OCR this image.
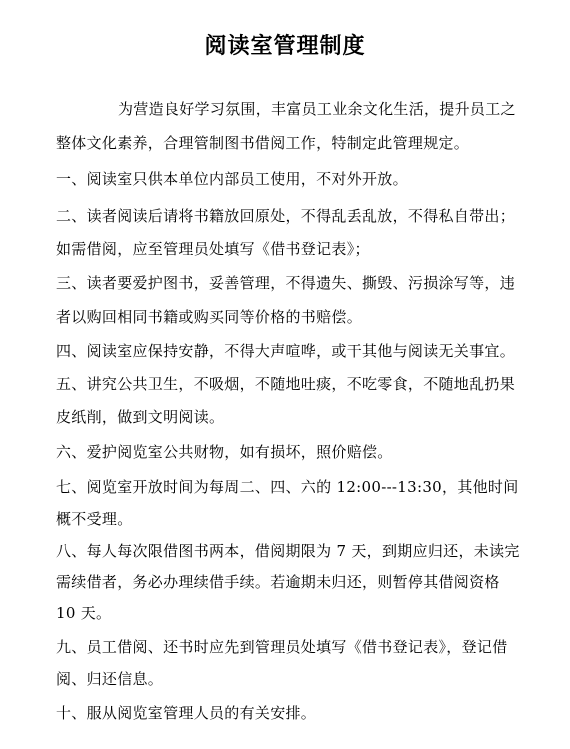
阅读室管理制度

为营造良好学习氛围，丰富员工业余文化生活，提升员工之

整体文化素养，合理管制图书借阅工作，特制定此管理规定。

一、阅读室只供本单位内部员工使用，不对外开放。

二、读者阅读后请将书籍放回原处，不得乱丢乱放，不得私自带出；

如需借阅，应至管理员处填写《借书登记表》；

三、读者要爱护图书，妥善管理，不得遗失、撕毁、污损涂写等，违

者以购回相同书籍或购买同等价格的书赔偿。

四、阅读室应保持安静，不得大声喧哗，或干其他与阅读无关事宜。

五、讲究公共卫生，不吸烟，不随地吐痰，不吃零食，不随地乱扔果

皮纸削，做到文明阅读。

六、爱护阅览室公共财物，如有损坏，照价赔偿。

七、阅览室开放时间为每周二、四、六的 12:00---13:30，其他时间

概不受理。

八、每人每次限借图书两本，借阅期限为 7 天，到期应归还，未读完

需续借者，务必办理续借手续。若逾期未归还，则暂停其借阅资格

10 天。

九、员工借阅、还书时应先到管理员处填写《借书登记表》，登记借

阅、归还信息。

十、服从阅览室管理人员的有关安排。
